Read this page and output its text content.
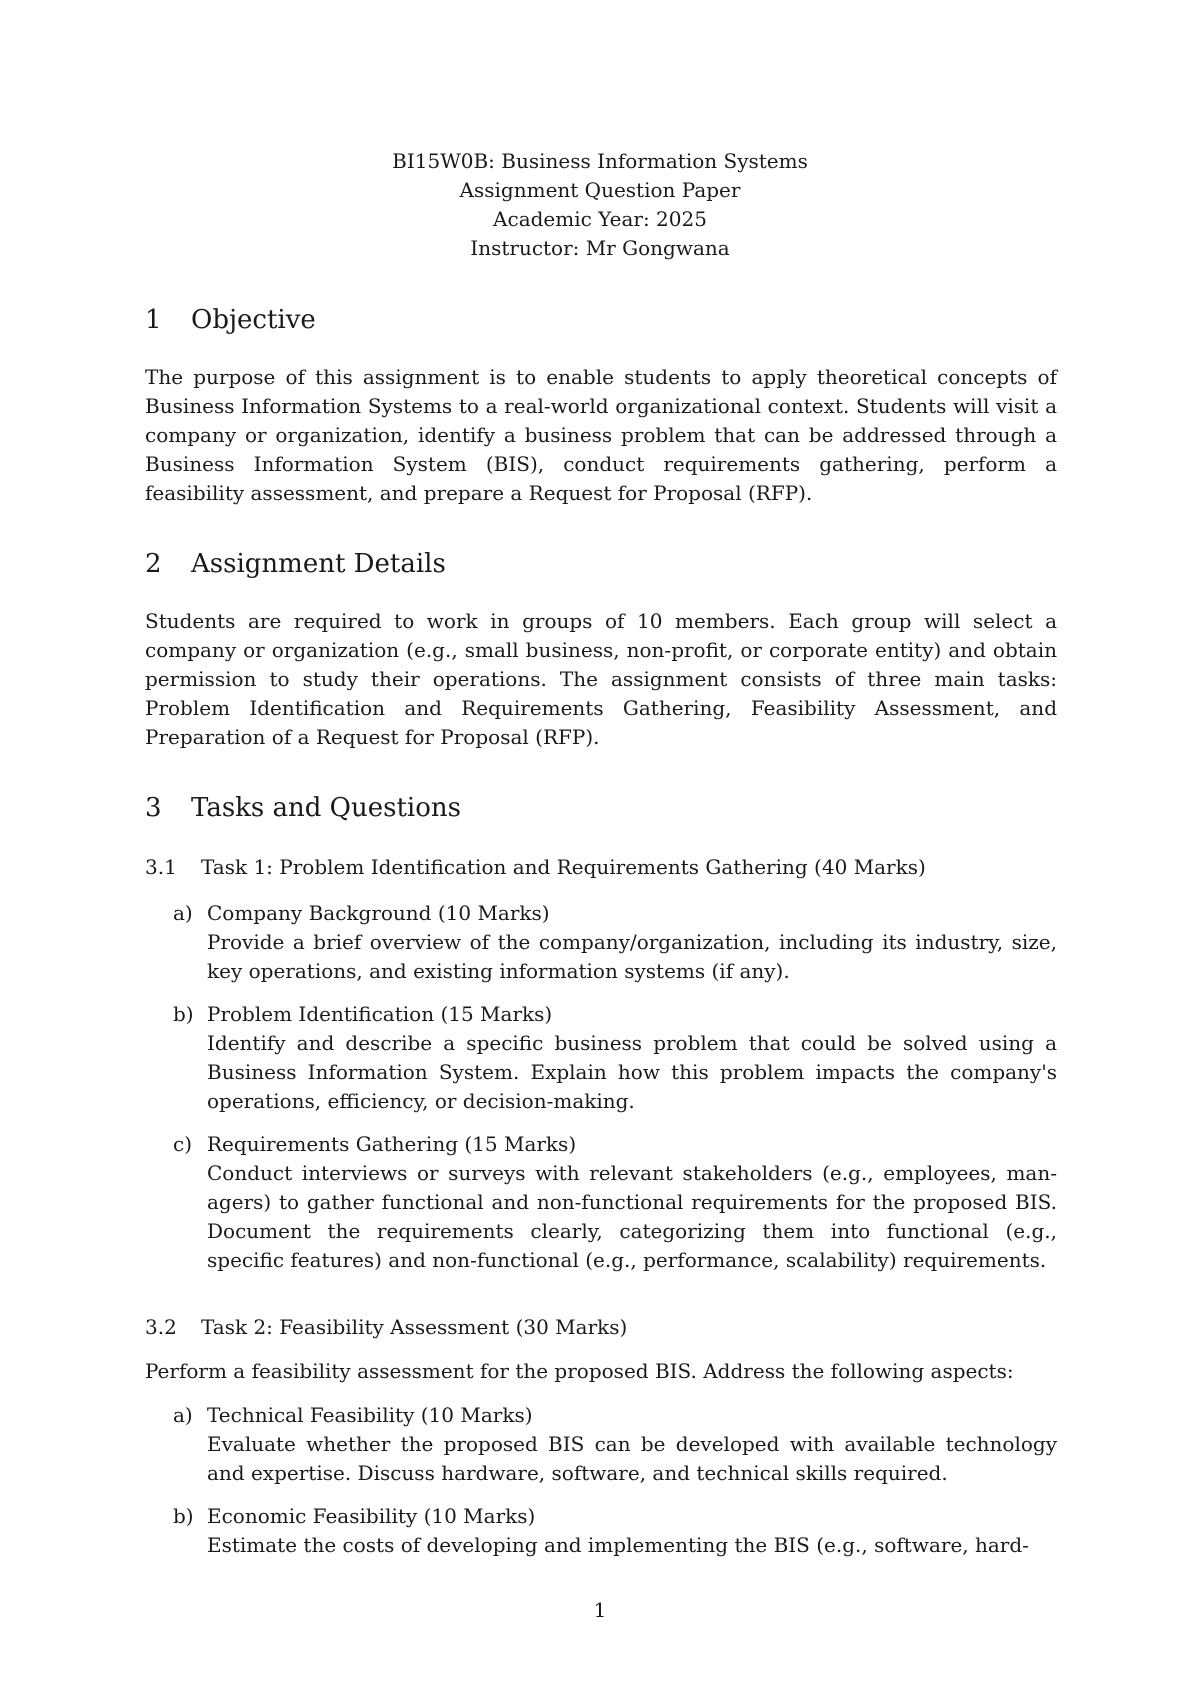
BI15W0B: Business Information Systems
Assignment Question Paper
Academic Year: 2025
Instructor: Mr Gongwana
1 Objective
The purpose of this assignment is to enable students to apply theoretical concepts of Business Information Systems to a real-world organizational context. Students will visit a company or organization, identify a business problem that can be addressed through a Business Information System (BIS), conduct requirements gathering, perform a feasibility assessment, and prepare a Request for Proposal (RFP).
2 Assignment Details
Students are required to work in groups of 10 members. Each group will select a company or organization (e.g., small business, non-profit, or corporate entity) and obtain permission to study their operations. The assignment consists of three main tasks: Problem Identification and Requirements Gathering, Feasibility Assessment, and Preparation of a Request for Proposal (RFP).
3 Tasks and Questions
3.1 Task 1: Problem Identification and Requirements Gathering (40 Marks)
a) Company Background (10 Marks)
Provide a brief overview of the company/organization, including its industry, size, key operations, and existing information systems (if any).
b) Problem Identification (15 Marks)
Identify and describe a specific business problem that could be solved using a Business Information System. Explain how this problem impacts the company's operations, efficiency, or decision-making.
c) Requirements Gathering (15 Marks)
Conduct interviews or surveys with relevant stakeholders (e.g., employees, managers) to gather functional and non-functional requirements for the proposed BIS. Document the requirements clearly, categorizing them into functional (e.g., specific features) and non-functional (e.g., performance, scalability) requirements.
3.2 Task 2: Feasibility Assessment (30 Marks)
Perform a feasibility assessment for the proposed BIS. Address the following aspects:
a) Technical Feasibility (10 Marks)
Evaluate whether the proposed BIS can be developed with available technology and expertise. Discuss hardware, software, and technical skills required.
b) Economic Feasibility (10 Marks)
Estimate the costs of developing and implementing the BIS (e.g., software, hard-
1
